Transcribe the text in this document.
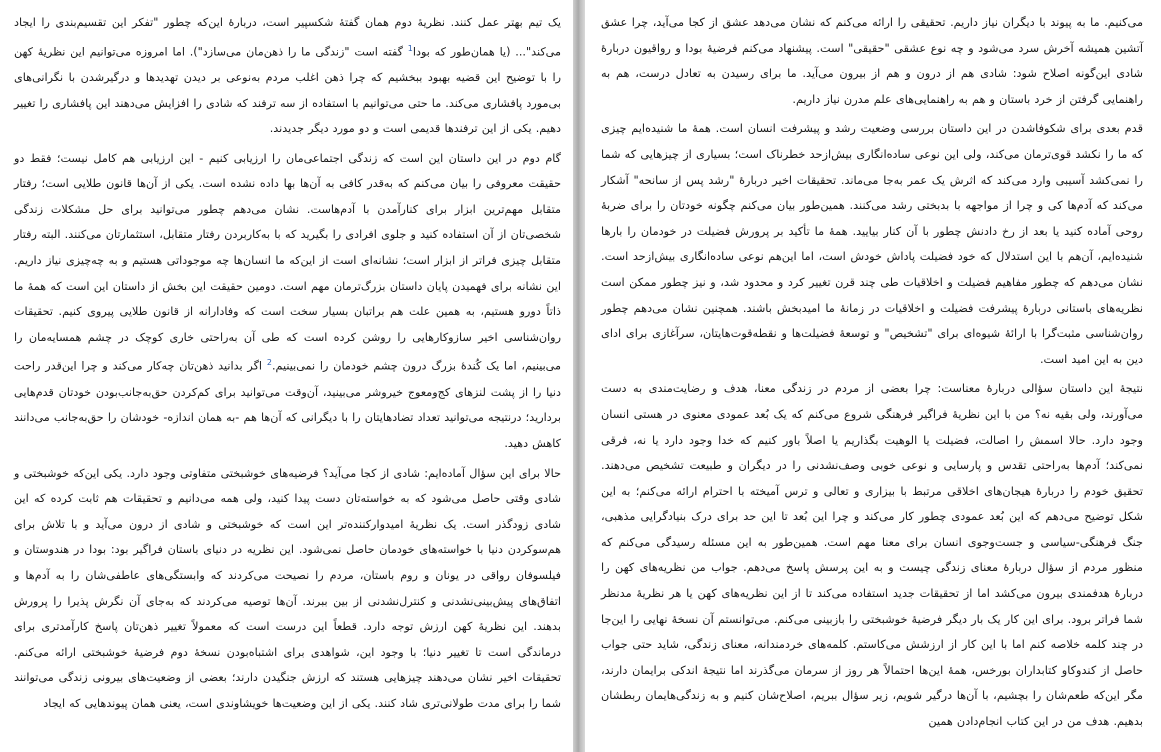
یک تیم بهتر عمل کنند. نظریهٔ دوم همان گفتهٔ شکسپیر است، دربارهٔ این‌که چطور "تفکر این تقسیم‌بندی را ایجاد می‌کند"... (یا همان‌طور که بودا$^1$ گفته است "زندگی ما را ذهن‌مان می‌سازد"). اما امروزه می‌توانیم این نظریهٔ کهن را با توضیح این قضیه بهبود ببخشیم که چرا ذهن اغلب مردم به‌نوعی بر دیدن تهدیدها و درگیرشدن با نگرانی‌های بی‌مورد پافشاری می‌کند. ما حتی می‌توانیم با استفاده از سه ترفند که شادی را افزایش می‌دهند این پافشاری را تغییر دهیم. یکی از این ترفندها قدیمی است و دو مورد دیگر جدیدند.

گام دوم در این داستان این است که زندگی اجتماعی‌مان را ارزیابی کنیم - این ارزیابی هم کامل نیست؛ فقط دو حقیقت معروفی را بیان می‌کنم که به‌قدر کافی به آن‌ها بها داده نشده است. یکی از آن‌ها قانون طلایی است؛ رفتار متقابل مهم‌ترین ابزار برای کنارآمدن با آدم‌هاست. نشان می‌دهم چطور می‌توانید برای حل مشکلات زندگی شخصی‌تان از آن استفاده کنید و جلوی افرادی را بگیرید که با به‌کاربردن رفتار متقابل، استثمارتان می‌کنند. البته رفتار متقابل چیزی فراتر از ابزار است؛ نشانه‌ای است از این‌که ما انسان‌ها چه موجوداتی هستیم و به چه‌چیزی نیاز داریم. این نشانه برای فهمیدن پایان داستان بزرگ‌ترمان مهم است. دومین حقیقت این بخش از داستان این است که همهٔ ما ذاتاً دورو هستیم، به همین علت هم براتبان بسیار سخت است که وفادارانه از قانون طلایی پیروی کنیم. تحقیقات روان‌شناسی اخیر سازوکارهایی را روشن کرده است که طی آن به‌راحتی خاری کوچک در چشم همسایه‌مان را می‌بینیم، اما یک کُندهٔ بزرگ درون چشم خودمان را نمی‌بینیم.$^2$ اگر بدانید ذهن‌تان چه‌کار می‌کند و چرا این‌قدر راحت دنیا را از پشت لنزهای کج‌ومعوج خیروشر می‌بینید، آن‌وقت می‌توانید برای کم‌کردن حق‌به‌جانب‌بودن خودتان قدم‌هایی بردارید؛ درنتیجه می‌توانید تعداد تضادهایتان را با دیگرانی که آن‌ها هم -به همان اندازه- خودشان را حق‌به‌جانب می‌دانند کاهش دهید.

حالا برای این سؤال آماده‌ایم: شادی از کجا می‌آید؟ فرضیه‌های خوشبختی متفاوتی وجود دارد. یکی این‌که خوشبختی و شادی وقتی حاصل می‌شود که به خواسته‌تان دست پیدا کنید، ولی همه می‌دانیم و تحقیقات هم ثابت کرده که این شادی زودگذر است. یک نظریهٔ امیدوارکننده‌تر این است که خوشبختی و شادی از درون می‌آید و با تلاش برای هم‌سوکردن دنیا با خواسته‌های خودمان حاصل نمی‌شود. این نظریه در دنیای باستان فراگیر بود: بودا در هندوستان و فیلسوفان رواقی در یونان و روم باستان، مردم را نصیحت می‌کردند که وابستگی‌های عاطفی‌شان را به آدم‌ها و اتفاق‌های پیش‌بینی‌نشدنی و کنترل‌نشدنی از بین ببرند. آن‌ها توصیه می‌کردند که به‌جای آن نگرش پذیرا را پرورش بدهند. این نظریهٔ کهن ارزش توجه دارد. قطعاً این درست است که معمولاً تغییر ذهن‌تان پاسخ کارآمدتری برای درماندگی است تا تغییر دنیا؛ با وجود این، شواهدی برای اشتباه‌بودن نسخهٔ دوم فرضیهٔ خوشبختی ارائه می‌کنم. تحقیقات اخیر نشان می‌دهند چیزهایی هستند که ارزش جنگیدن دارند؛ بعضی از وضعیت‌های بیرونی زندگی می‌توانند شما را برای مدت طولانی‌تری شاد کنند. یکی از این وضعیت‌ها خویشاوندی است، یعنی همان پیوندهایی که ایجاد

می‌کنیم. ما به پیوند با دیگران نیاز داریم. تحقیقی را ارائه می‌کنم که نشان می‌دهد عشق از کجا می‌آید، چرا عشق آتشین همیشه آخرش سرد می‌شود و چه نوع عشقی "حقیقی" است. پیشنهاد می‌کنم فرضیهٔ بودا و رواقیون دربارهٔ شادی این‌گونه اصلاح شود: شادی هم از درون و هم از بیرون می‌آید. ما برای رسیدن به تعادل درست، هم به راهنمایی گرفتن از خرد باستان و هم به راهنمایی‌های علم مدرن نیاز داریم.

قدم بعدی برای شکوفاشدن در این داستان بررسی وضعیت رشد و پیشرفت انسان است. همهٔ ما شنیده‌ایم چیزی که ما را نکشد قوی‌ترمان می‌کند، ولی این نوعی ساده‌انگاری بیش‌ازحد خطرناک است؛ بسیاری از چیزهایی که شما را نمی‌کشد آسیبی وارد می‌کند که اثرش یک عمر به‌جا می‌ماند. تحقیقات اخیر دربارهٔ "رشد پس از سانحه" آشکار می‌کند که آدم‌ها کی و چرا از مواجهه با بدبختی رشد می‌کنند. همین‌طور بیان می‌کنم چگونه خودتان را برای ضربهٔ روحی آماده کنید یا بعد از رخ دادنش چطور با آن کنار بیایید. همهٔ ما تأکید بر پرورش فضیلت در خودمان را بارها شنیده‌ایم، آن‌هم با این استدلال که خود فضیلت پاداش خودش است، اما این‌هم نوعی ساده‌انگاری بیش‌ازحد است. نشان می‌دهم که چطور مفاهیم فضیلت و اخلاقیات طی چند قرن تغییر کرد و محدود شد، و نیز چطور ممکن است نظریه‌های باستانی دربارهٔ پیشرفت فضیلت و اخلاقیات در زمانهٔ ما امیدبخش باشند. همچنین نشان می‌دهم چطور روان‌شناسی مثبت‌گرا با ارائهٔ شیوه‌ای برای "تشخیص" و توسعهٔ فضیلت‌ها و نقطه‌قوت‌هایتان، سرآغازی برای ادای دین به این امید است.

نتیجهٔ این داستان سؤالی دربارهٔ معناست: چرا بعضی از مردم در زندگی معنا، هدف و رضایت‌مندی به دست می‌آورند، ولی بقیه نه؟ من با این نظریهٔ فراگیر فرهنگی شروع می‌کنم که یک بُعد عمودی معنوی در هستی انسان وجود دارد. حالا اسمش را اصالت، فضیلت یا الوهیت بگذاریم یا اصلاً باور کنیم که خدا وجود دارد یا نه، فرقی نمی‌کند؛ آدم‌ها به‌راحتی تقدس و پارسایی و نوعی خوبی وصف‌نشدنی را در دیگران و طبیعت تشخیص می‌دهند. تحقیق خودم را دربارهٔ هیجان‌های اخلاقی مرتبط با بیزاری و تعالی و ترس آمیخته با احترام ارائه می‌کنم؛ به این شکل توضیح می‌دهم که این بُعد عمودی چطور کار می‌کند و چرا این بُعد تا این حد برای درک بنیادگرایی مذهبی، جنگ فرهنگی-سیاسی و جست‌وجوی انسان برای معنا مهم است. همین‌طور به این مسئله رسیدگی می‌کنم که منظور مردم از سؤال دربارهٔ معنای زندگی چیست و به این پرسش پاسخ می‌دهم. جواب من نظریه‌های کهن را دربارهٔ هدفمندی بیرون می‌کشد اما از تحقیقات جدید استفاده می‌کند تا از این نظریه‌های کهن یا هر نظریهٔ مدنظر شما فراتر برود. برای این کار یک بار دیگر فرضیهٔ خوشبختی را بازبینی می‌کنم. می‌توانستم آن نسخهٔ نهایی را این‌جا در چند کلمه خلاصه کنم اما با این کار از ارزشش می‌کاستم. کلمه‌های خردمندانه، معنای زندگی، شاید حتی جواب حاصل از کندوکاو کتابداران بورخس، همهٔ این‌ها احتمالاً هر روز از سرمان می‌گذرند اما نتیجهٔ اندکی برایمان دارند، مگر این‌که طعم‌شان را بچشیم، با آن‌ها درگیر شویم، زیر سؤال ببریم، اصلاح‌شان کنیم و به زندگی‌هایمان ربطشان بدهیم. هدف من در این کتاب انجام‌دادن همین
